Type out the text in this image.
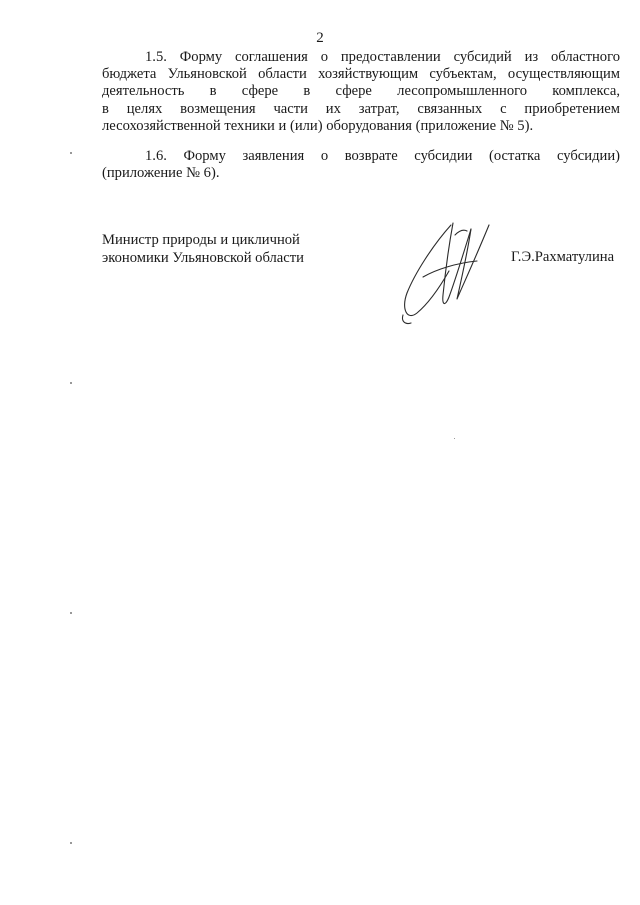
2
1.5. Форму соглашения о предоставлении субсидий из областного
бюджета Ульяновской области хозяйствующим субъектам, осуществляющим
деятельность в сфере в сфере лесопромышленного комплекса,
в целях возмещения части их затрат, связанных с приобретением
лесохозяйственной техники и (или) оборудования (приложение № 5).
1.6. Форму заявления о возврате субсидии (остатка субсидии)
(приложение № 6).
Министр природы и цикличной
экономики Ульяновской области	Г.Э.Рахматулина
